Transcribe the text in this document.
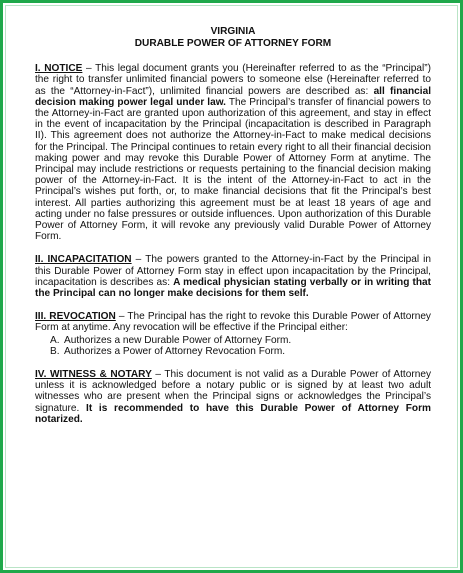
VIRGINIA

DURABLE POWER OF ATTORNEY FORM

I. NOTICE – This legal document grants you (Hereinafter referred to as the “Principal”) the right to transfer unlimited financial powers to someone else (Hereinafter referred to as the “Attorney-in-Fact”), unlimited financial powers are described as: all financial decision making power legal under law. The Principal’s transfer of financial powers to the Attorney-in-Fact are granted upon authorization of this agreement, and stay in effect in the event of incapacitation by the Principal (incapacitation is described in Paragraph II). This agreement does not authorize the Attorney-in-Fact to make medical decisions for the Principal. The Principal continues to retain every right to all their financial decision making power and may revoke this Durable Power of Attorney Form at anytime. The Principal may include restrictions or requests pertaining to the financial decision making power of the Attorney-in-Fact. It is the intent of the Attorney-in-Fact to act in the Principal’s wishes put forth, or, to make financial decisions that fit the Principal’s best interest. All parties authorizing this agreement must be at least 18 years of age and acting under no false pressures or outside influences. Upon authorization of this Durable Power of Attorney Form, it will revoke any previously valid Durable Power of Attorney Form.

II. INCAPACITATION – The powers granted to the Attorney-in-Fact by the Principal in this Durable Power of Attorney Form stay in effect upon incapacitation by the Principal, incapacitation is describes as: A medical physician stating verbally or in writing that the Principal can no longer make decisions for them self.

III. REVOCATION – The Principal has the right to revoke this Durable Power of Attorney Form at anytime. Any revocation will be effective if the Principal either:

A. Authorizes a new Durable Power of Attorney Form.
B. Authorizes a Power of Attorney Revocation Form.

IV. WITNESS & NOTARY – This document is not valid as a Durable Power of Attorney unless it is acknowledged before a notary public or is signed by at least two adult witnesses who are present when the Principal signs or acknowledges the Principal’s signature. It is recommended to have this Durable Power of Attorney Form notarized.
